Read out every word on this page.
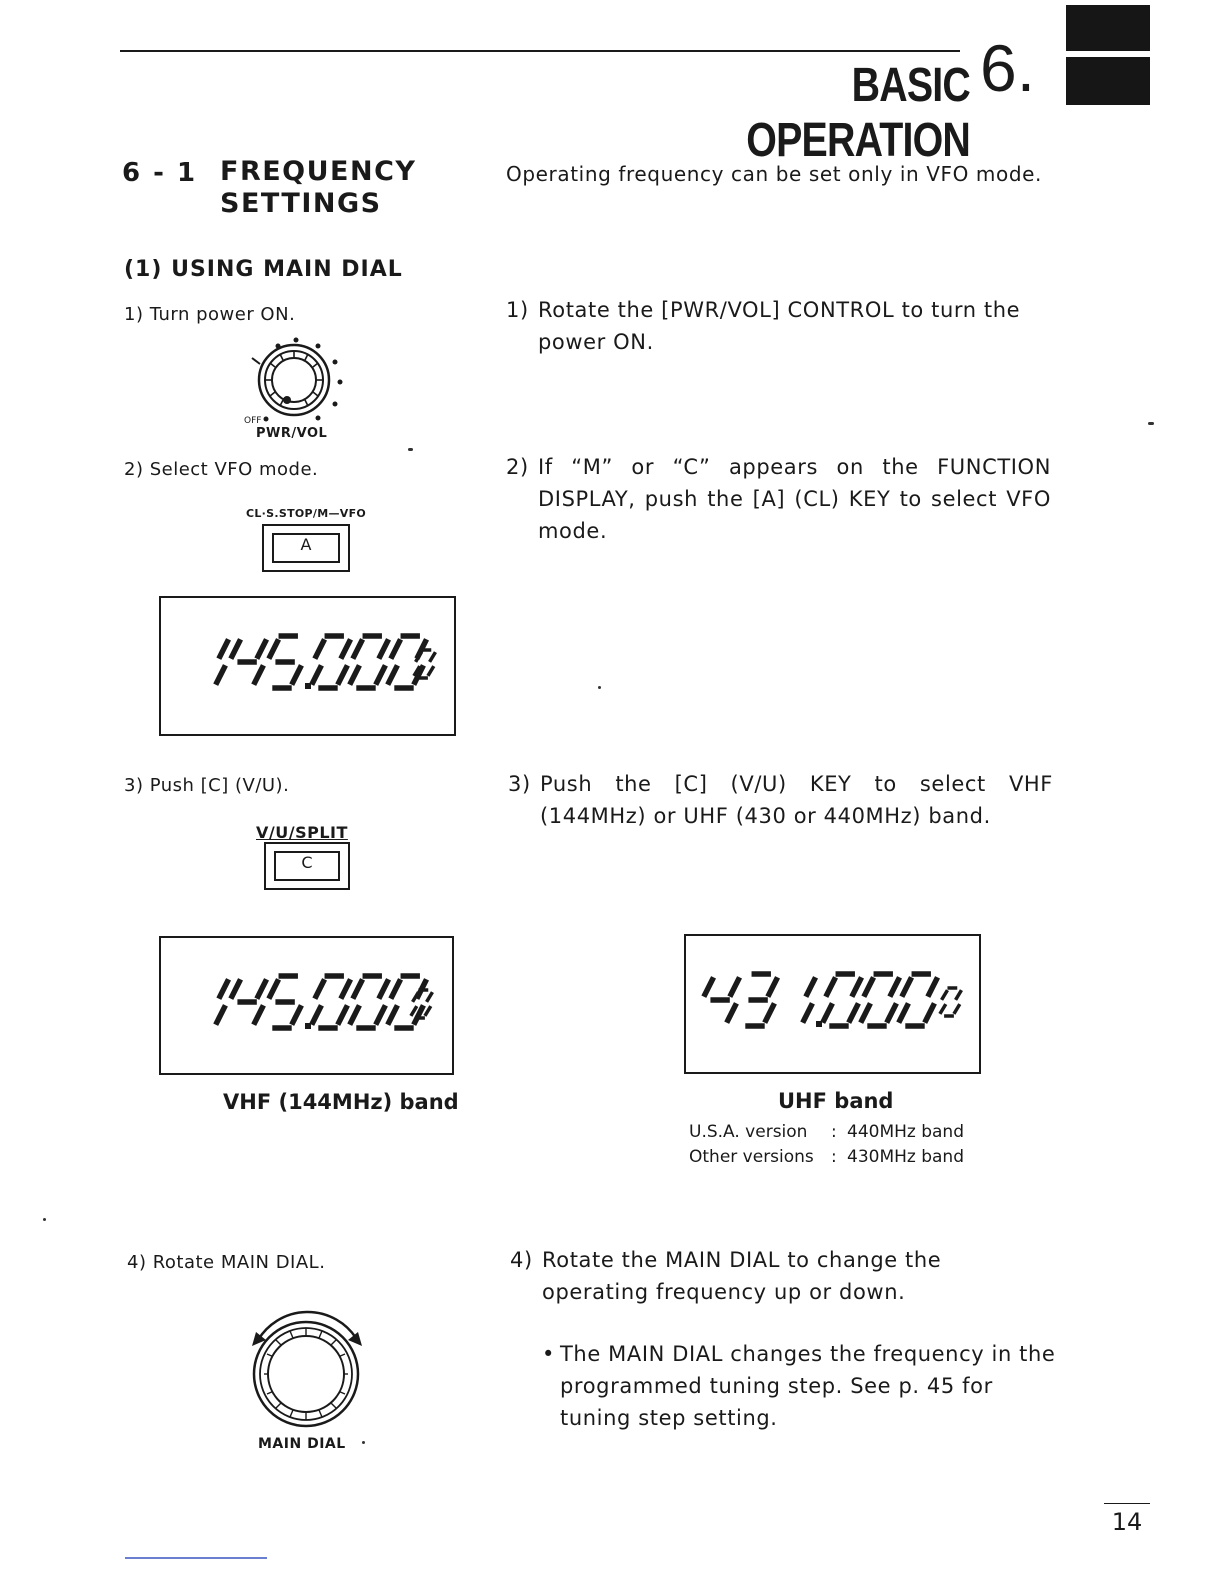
BASIC OPERATION
6.
6 - 1 FREQUENCY
SETTINGS
Operating frequency can be set only in VFO mode.
(1) USING MAIN DIAL
1) Turn power ON.	1) Rotate the [PWR/VOL] CONTROL to turn the power ON.
OFF
PWR/VOL
2) Select VFO mode.	2) If “M” or “C” appears on the FUNCTION DISPLAY, push the [A] (CL) KEY to select VFO mode.
CL·S.STOP/M—VFO
A
3) Push [C] (V/U).	3) Push the [C] (V/U) KEY to select VHF (144MHz) or UHF (430 or 440MHz) band.
V/U/SPLIT
C
VHF (144MHz) band	UHF band
U.S.A. version	: 440MHz band
Other versions	: 430MHz band
4) Rotate MAIN DIAL.	4) Rotate the MAIN DIAL to change the operating frequency up or down.
• The MAIN DIAL changes the frequency in the programmed tuning step. See p. 45 for tuning step setting.
MAIN DIAL
14
